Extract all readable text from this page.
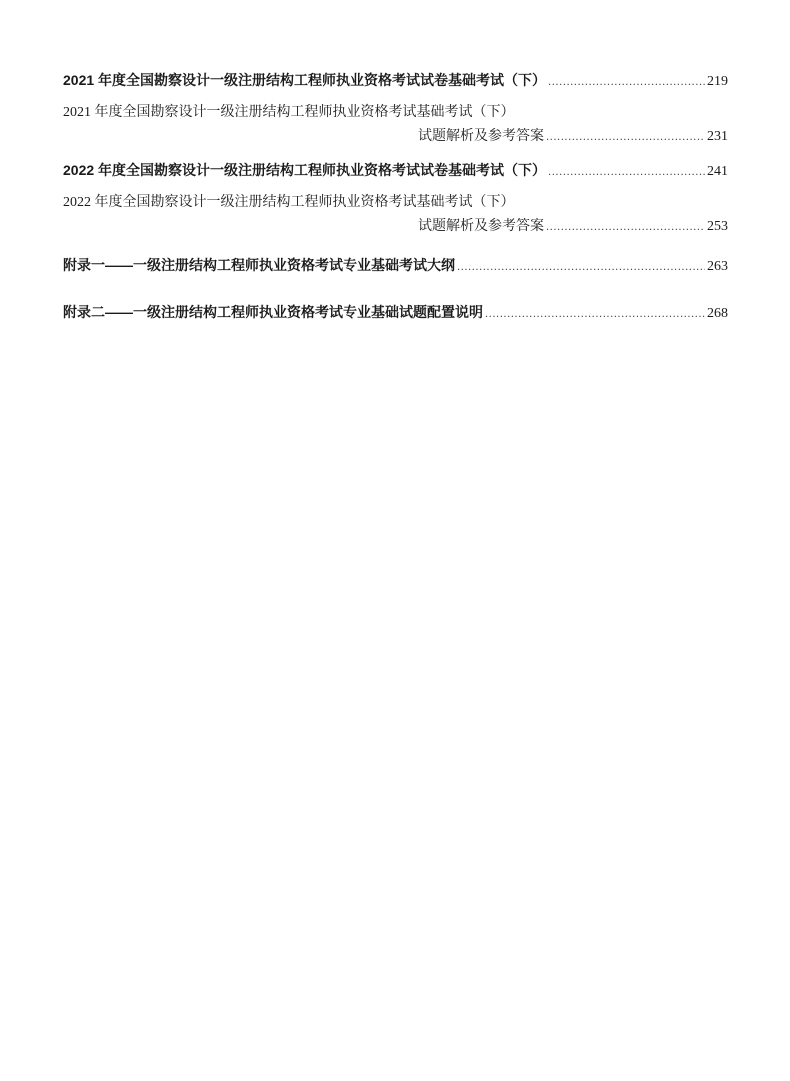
2021 年度全国勘察设计一级注册结构工程师执业资格考试试卷基础考试（下） .....	219
2021 年度全国勘察设计一级注册结构工程师执业资格考试基础考试（下）
试题解析及参考答案 .....	231
2022 年度全国勘察设计一级注册结构工程师执业资格考试试卷基础考试（下） .....	241
2022 年度全国勘察设计一级注册结构工程师执业资格考试基础考试（下）
试题解析及参考答案 .....	253
附录一——一级注册结构工程师执业资格考试专业基础考试大纲 .....	263
附录二——一级注册结构工程师执业资格考试专业基础试题配置说明 .....	268
